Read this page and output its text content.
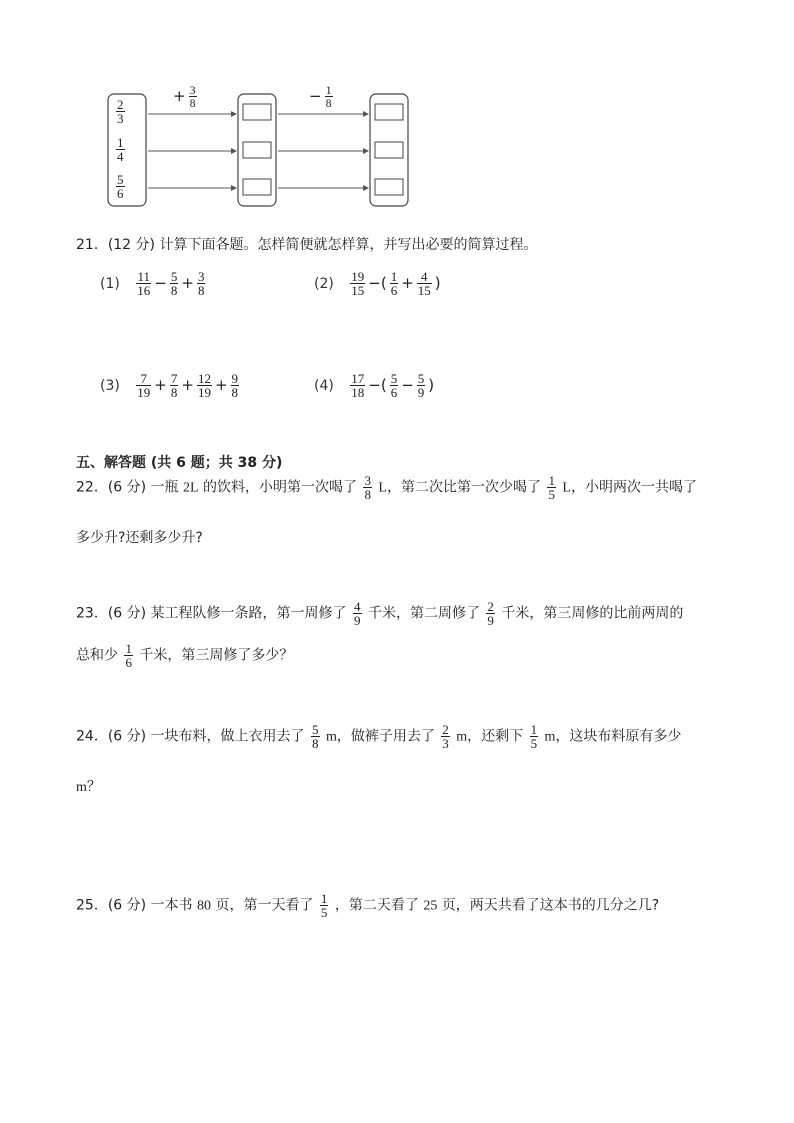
$\frac{2}{3}$
$\frac{1}{4}$
$\frac{5}{6}$
+ $\frac{3}{8}$	− $\frac{1}{8}$
21．(12 分) 计算下面各题。怎样简便就怎样算，并写出必要的简算过程。
$(1) \frac{11}{16} - \frac{5}{8} + \frac{3}{8}$	$(2) \frac{19}{15}$ −( $\frac{1}{6} + \frac{4}{15}$ )
$(3) \frac{7}{19} + \frac{7}{8} + \frac{12}{19} + \frac{9}{8}$	$(4) \frac{17}{18}$ −( $\frac{5}{6} - \frac{5}{9}$ )
五、解答题 (共 6 题；共 38 分)
22．(6 分) 一瓶 2L 的饮料，小明第一次喝了 $\frac{3}{8}$ L，第二次比第一次少喝了 $\frac{1}{5}$ L，小明两次一共喝了
多少升?还剩多少升?
23．(6 分) 某工程队修一条路，第一周修了 $\frac{4}{9}$ 千米，第二周修了 $\frac{2}{9}$ 千米，第三周修的比前两周的
总和少 $\frac{1}{6}$ 千米，第三周修了多少？
24．(6 分) 一块布料，做上衣用去了 $\frac{5}{8}$ m，做裤子用去了 $\frac{2}{3}$ m，还剩下 $\frac{1}{5}$ m，这块布料原有多少
m？
25．(6 分) 一本书 80 页，第一天看了 $\frac{1}{5}$ ，第二天看了 25 页，两天共看了这本书的几分之几?
